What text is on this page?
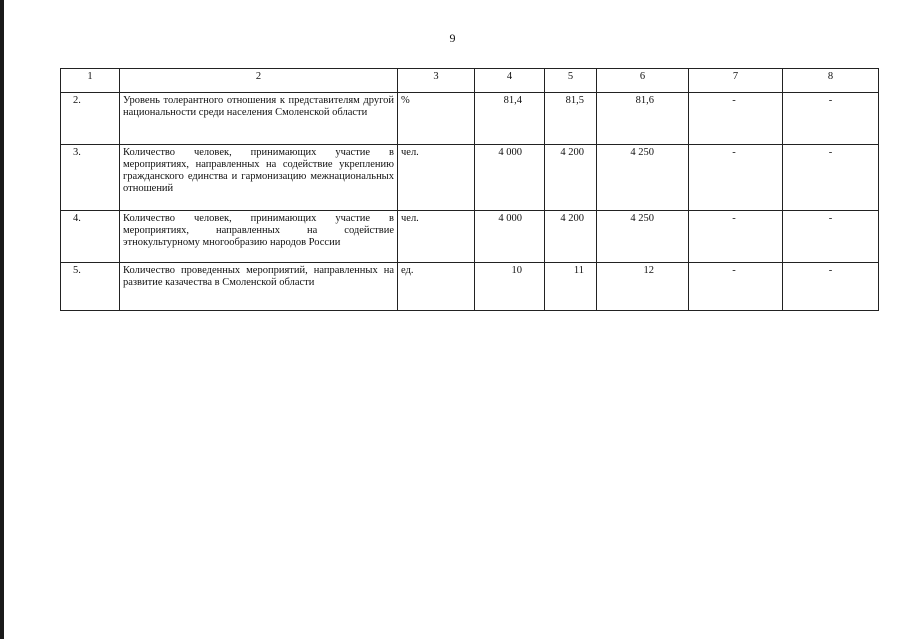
9
1	2	3	4	5	6	7	8
2.	Уровень толерантного отношения к представителям другой национальности среди населения Смоленской области	%	81,4	81,5	81,6	-	-
3.	Количество человек, принимающих участие в мероприятиях, направленных на содействие укреплению гражданского единства и гармонизацию межнациональных отношений	чел.	4 000	4 200	4 250	-	-
4.	Количество человек, принимающих участие в мероприятиях, направленных на содействие этнокультурному многообразию народов России	чел.	4 000	4 200	4 250	-	-
5.	Количество проведенных мероприятий, направленных на развитие казачества в Смоленской области	ед.	10	11	12	-	-
